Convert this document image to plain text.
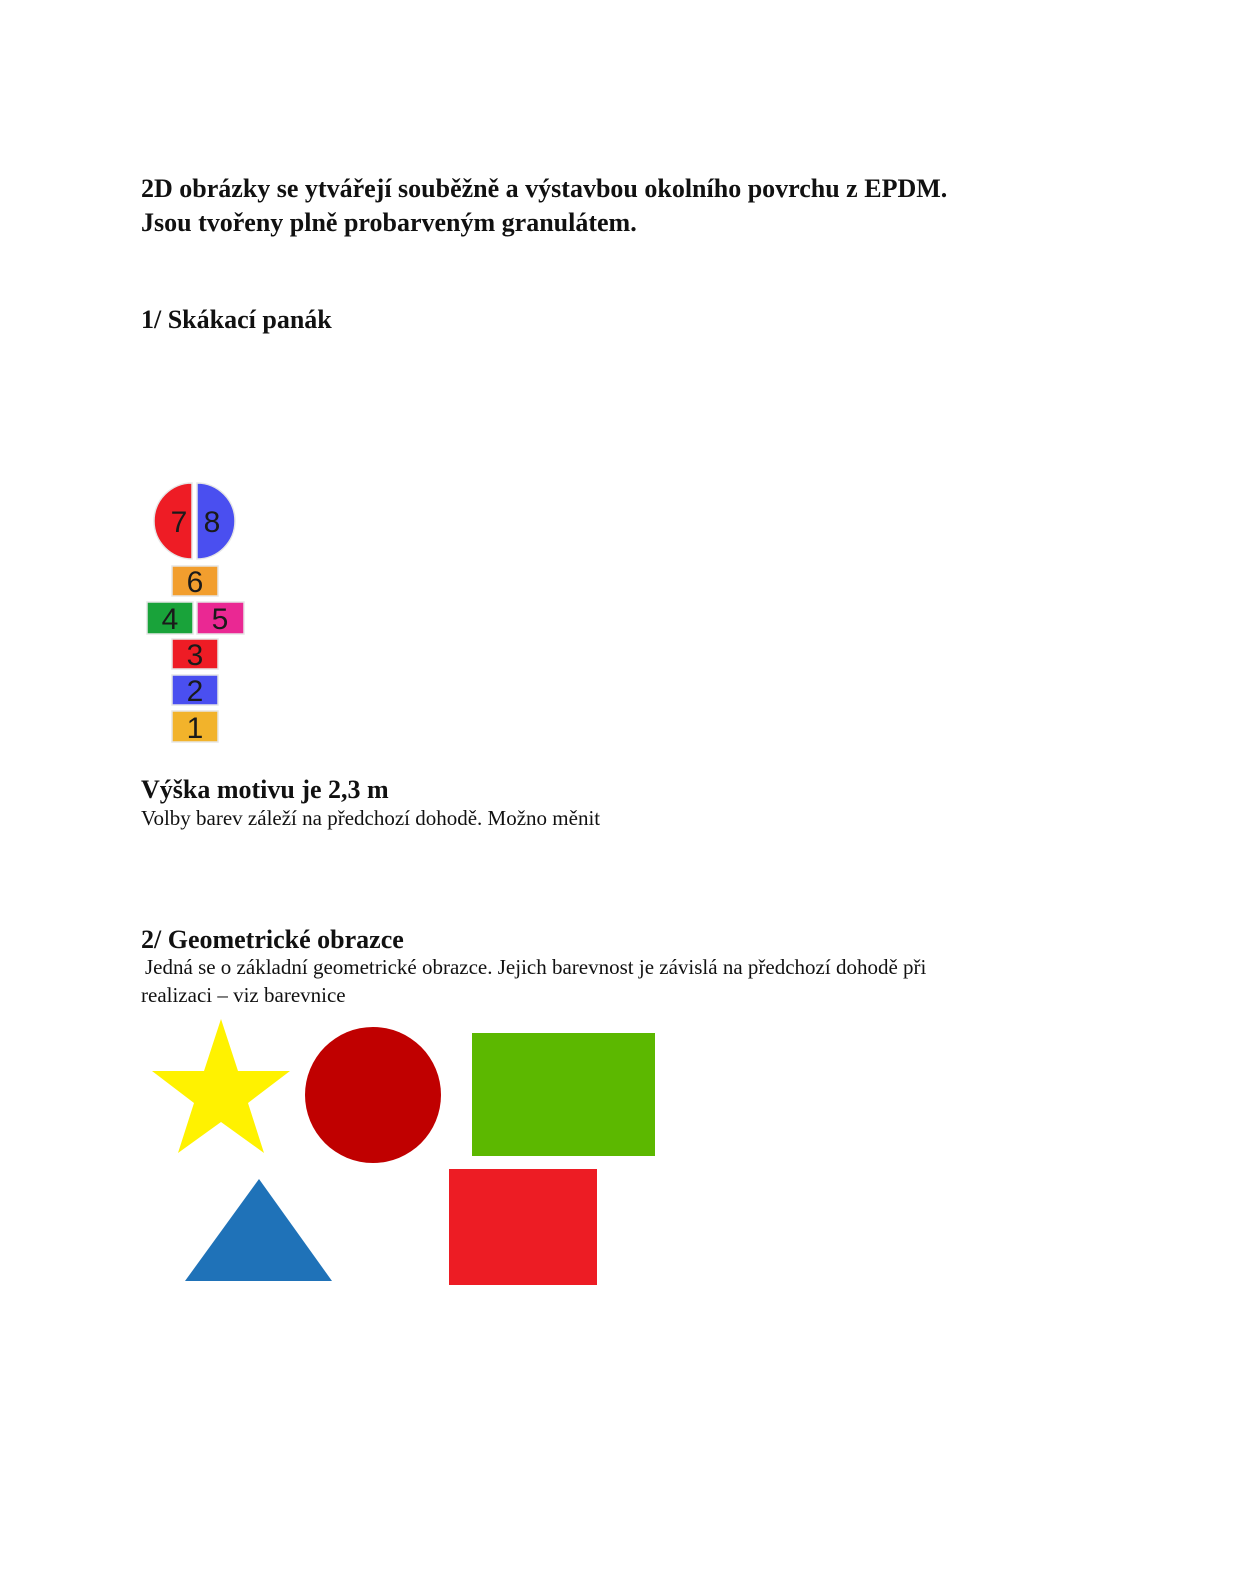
2D obrázky se ytvářejí souběžně a výstavbou okolního povrchu z EPDM.
Jsou tvořeny plně probarveným granulátem.
1/ Skákací panák
7 8
6
4 5
3
2
1
Výška motivu je 2,3 m
Volby barev záleží na předchozí dohodě. Možno měnit
2/ Geometrické obrazce
Jedná se o základní geometrické obrazce. Jejich barevnost je závislá na předchozí dohodě při
realizaci – viz barevnice
